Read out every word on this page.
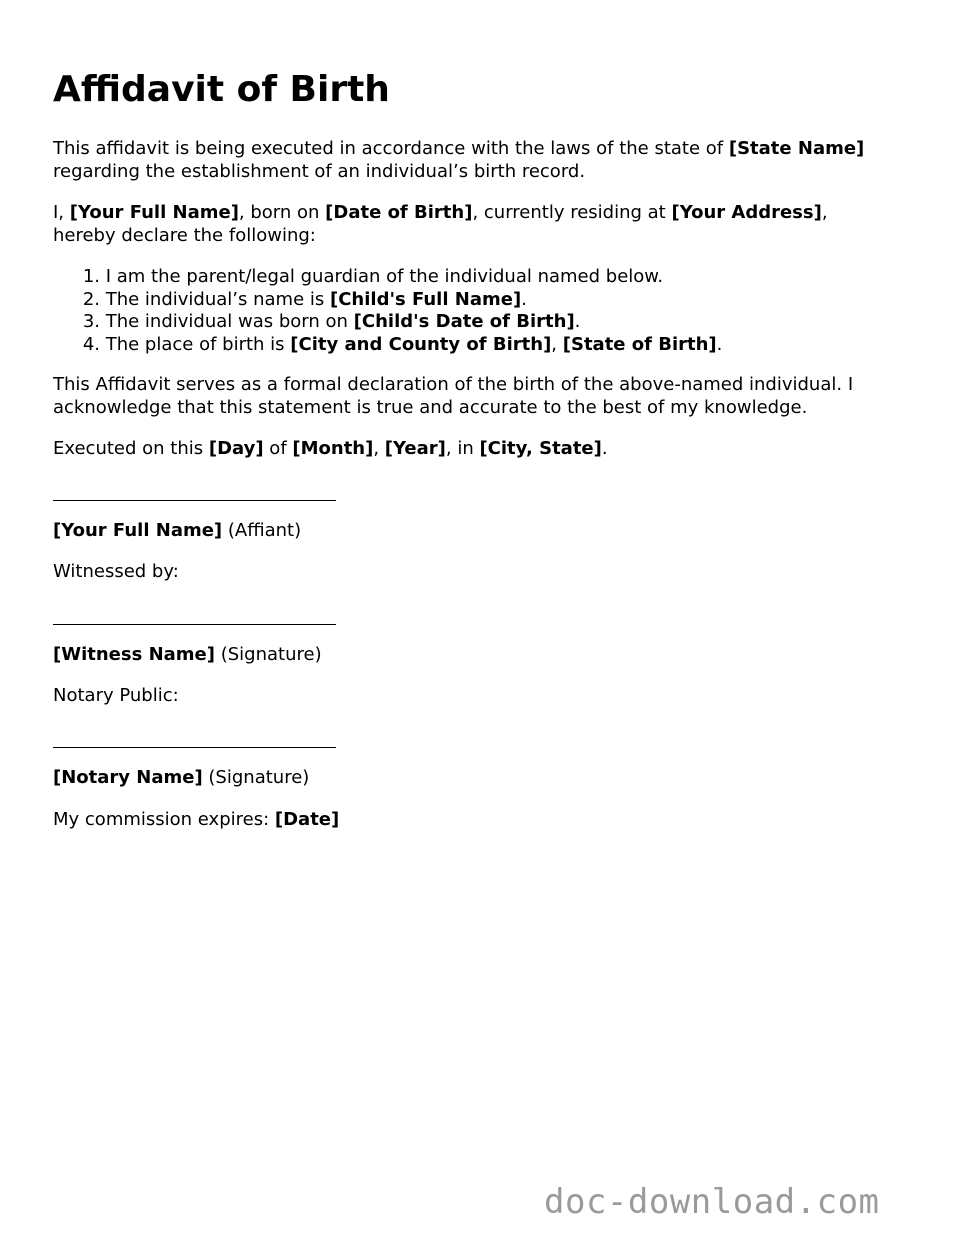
Affidavit of Birth

This affidavit is being executed in accordance with the laws of the state of [State Name]
regarding the establishment of an individual’s birth record.

I, [Your Full Name], born on [Date of Birth], currently residing at [Your Address],
hereby declare the following:

1. I am the parent/legal guardian of the individual named below.
2. The individual’s name is [Child's Full Name].
3. The individual was born on [Child's Date of Birth].
4. The place of birth is [City and County of Birth], [State of Birth].

This Affidavit serves as a formal declaration of the birth of the above-named individual. I
acknowledge that this statement is true and accurate to the best of my knowledge.

Executed on this [Day] of [Month], [Year], in [City, State].

[Your Full Name] (Affiant)

Witnessed by:

[Witness Name] (Signature)

Notary Public:

[Notary Name] (Signature)

My commission expires: [Date]

doc-download.com
